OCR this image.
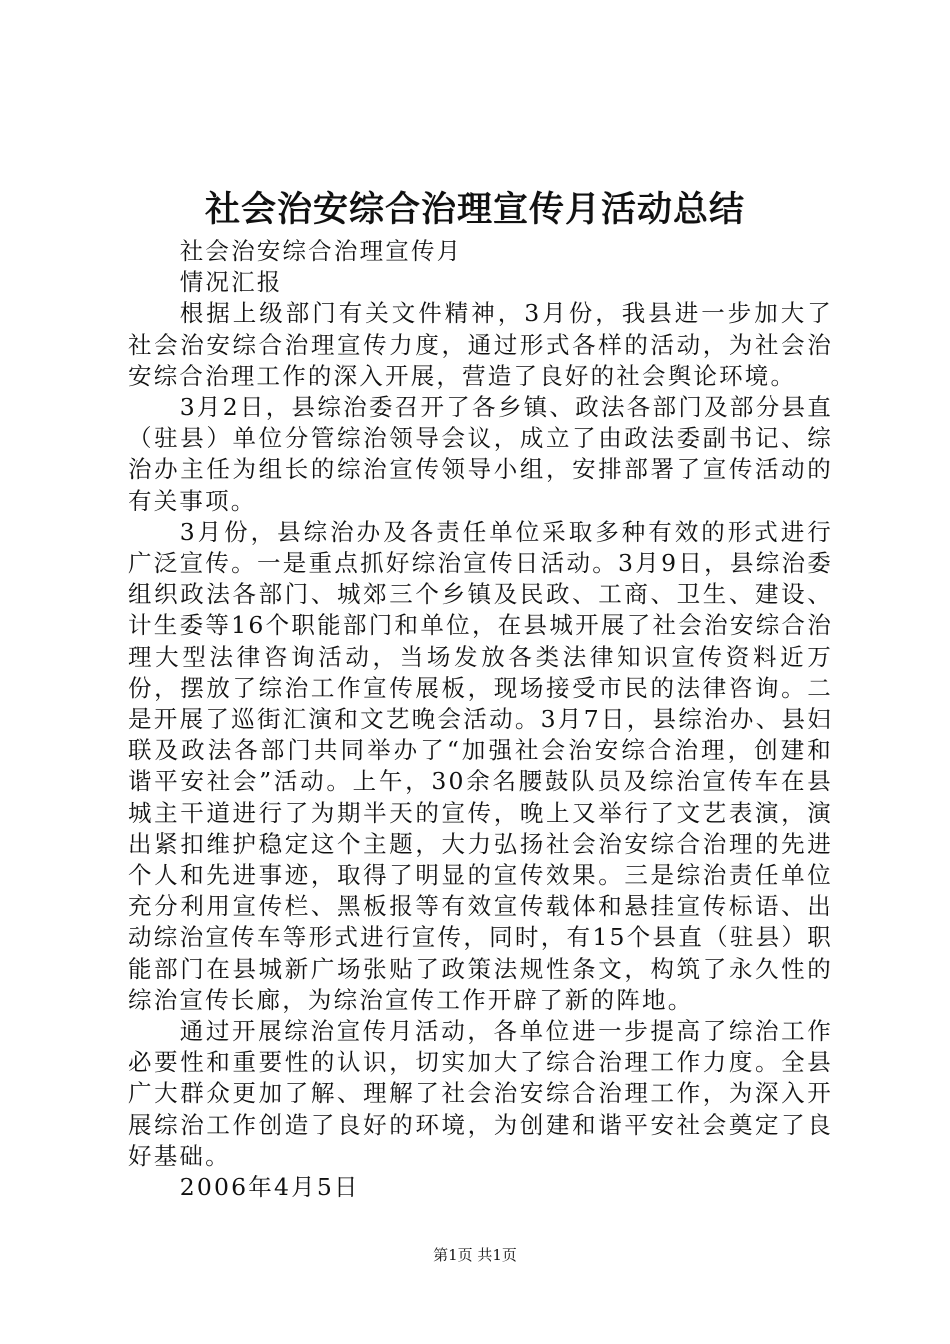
社会治安综合治理宣传月活动总结

社会治安综合治理宣传月

情况汇报

根据上级部门有关文件精神，3月份，我县进一步加大了社会治安综合治理宣传力度，通过形式各样的活动，为社会治安综合治理工作的深入开展，营造了良好的社会舆论环境。

3月2日，县综治委召开了各乡镇、政法各部门及部分县直（驻县）单位分管综治领导会议，成立了由政法委副书记、综治办主任为组长的综治宣传领导小组，安排部署了宣传活动的有关事项。

3月份，县综治办及各责任单位采取多种有效的形式进行广泛宣传。一是重点抓好综治宣传日活动。3月9日，县综治委组织政法各部门、城郊三个乡镇及民政、工商、卫生、建设、计生委等16个职能部门和单位，在县城开展了社会治安综合治理大型法律咨询活动，当场发放各类法律知识宣传资料近万份，摆放了综治工作宣传展板，现场接受市民的法律咨询。二是开展了巡街汇演和文艺晚会活动。3月7日，县综治办、县妇联及政法各部门共同举办了“加强社会治安综合治理，创建和谐平安社会”活动。上午，30余名腰鼓队员及综治宣传车在县城主干道进行了为期半天的宣传，晚上又举行了文艺表演，演出紧扣维护稳定这个主题，大力弘扬社会治安综合治理的先进个人和先进事迹，取得了明显的宣传效果。三是综治责任单位充分利用宣传栏、黑板报等有效宣传载体和悬挂宣传标语、出动综治宣传车等形式进行宣传，同时，有15个县直（驻县）职能部门在县城新广场张贴了政策法规性条文，构筑了永久性的综治宣传长廊，为综治宣传工作开辟了新的阵地。

通过开展综治宣传月活动，各单位进一步提高了综治工作必要性和重要性的认识，切实加大了综合治理工作力度。全县广大群众更加了解、理解了社会治安综合治理工作，为深入开展综治工作创造了良好的环境，为创建和谐平安社会奠定了良好基础。

2006年4月5日

第1页 共1页
